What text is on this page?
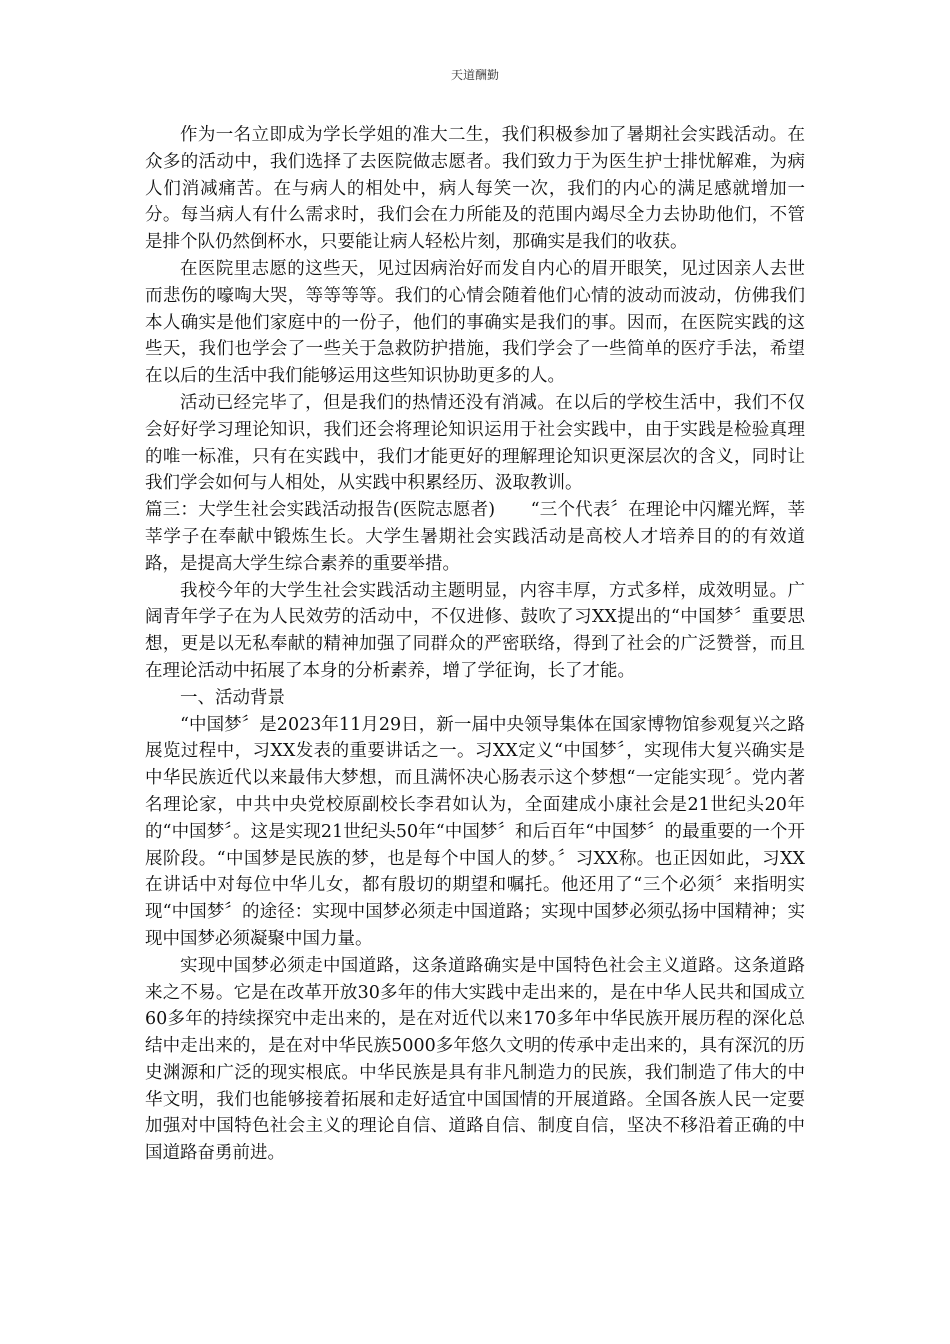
天道酬勤

作为一名立即成为学长学姐的准大二生，我们积极参加了暑期社会实践活动。在众多的活动中，我们选择了去医院做志愿者。我们致力于为医生护士排忧解难，为病人们消减痛苦。在与病人的相处中，病人每笑一次，我们的内心的满足感就增加一分。每当病人有什么需求时，我们会在力所能及的范围内竭尽全力去协助他们，不管是排个队仍然倒杯水，只要能让病人轻松片刻，那确实是我们的收获。

在医院里志愿的这些天，见过因病治好而发自内心的眉开眼笑，见过因亲人去世而悲伤的嚎啕大哭，等等等等。我们的心情会随着他们心情的波动而波动，仿佛我们本人确实是他们家庭中的一份子，他们的事确实是我们的事。因而，在医院实践的这些天，我们也学会了一些关于急救防护措施，我们学会了一些简单的医疗手法，希望在以后的生活中我们能够运用这些知识协助更多的人。

活动已经完毕了，但是我们的热情还没有消减。在以后的学校生活中，我们不仅会好好学习理论知识，我们还会将理论知识运用于社会实践中，由于实践是检验真理的唯一标准，只有在实践中，我们才能更好的理解理论知识更深层次的含义，同时让我们学会如何与人相处，从实践中积累经历、汲取教训。

篇三：大学生社会实践活动报告(医院志愿者)　　“三个代表〞在理论中闪耀光辉，莘莘学子在奉献中锻炼生长。大学生暑期社会实践活动是高校人才培养目的的有效道路，是提高大学生综合素养的重要举措。

我校今年的大学生社会实践活动主题明显，内容丰厚，方式多样，成效明显。广阔青年学子在为人民效劳的活动中，不仅进修、鼓吹了习XX提出的“中国梦〞重要思想，更是以无私奉献的精神加强了同群众的严密联络，得到了社会的广泛赞誉，而且在理论活动中拓展了本身的分析素养，增了学征询，长了才能。

一、活动背景

“中国梦〞是2023年11月29日，新一届中央领导集体在国家博物馆参观复兴之路展览过程中，习XX发表的重要讲话之一。习XX定义“中国梦〞，实现伟大复兴确实是中华民族近代以来最伟大梦想，而且满怀决心肠表示这个梦想“一定能实现〞。党内著名理论家，中共中央党校原副校长李君如认为，全面建成小康社会是21世纪头20年的“中国梦〞。这是实现21世纪头50年“中国梦〞和后百年“中国梦〞的最重要的一个开展阶段。“中国梦是民族的梦，也是每个中国人的梦。〞习XX称。也正因如此，习XX在讲话中对每位中华儿女，都有殷切的期望和嘱托。他还用了“三个必须〞来指明实现“中国梦〞的途径：实现中国梦必须走中国道路；实现中国梦必须弘扬中国精神；实现中国梦必须凝聚中国力量。

实现中国梦必须走中国道路，这条道路确实是中国特色社会主义道路。这条道路来之不易。它是在改革开放30多年的伟大实践中走出来的，是在中华人民共和国成立60多年的持续探究中走出来的，是在对近代以来170多年中华民族开展历程的深化总结中走出来的，是在对中华民族5000多年悠久文明的传承中走出来的，具有深沉的历史渊源和广泛的现实根底。中华民族是具有非凡制造力的民族，我们制造了伟大的中华文明，我们也能够接着拓展和走好适宜中国国情的开展道路。全国各族人民一定要加强对中国特色社会主义的理论自信、道路自信、制度自信，坚决不移沿着正确的中国道路奋勇前进。
